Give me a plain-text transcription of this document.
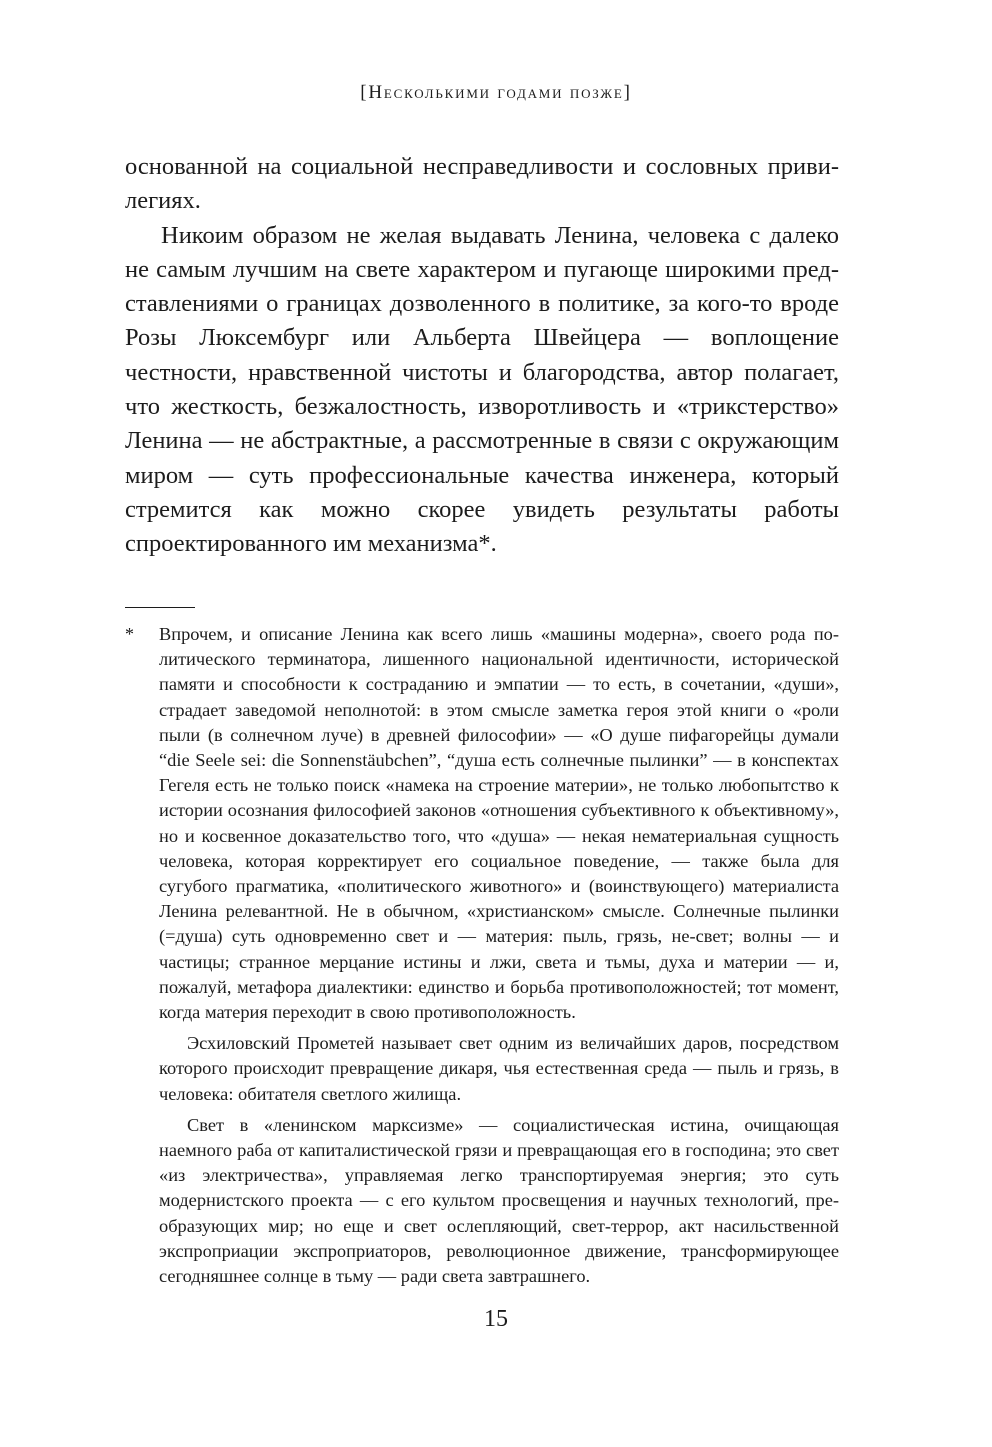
[Несколькими годами позже]

основанной на социальной несправедливости и сословных привилегиях.

Никоим образом не желая выдавать Ленина, человека с далеко не самым лучшим на свете характером и пугающе широкими представлениями о границах дозволенного в политике, за кого-то вроде Розы Люксембург или Альберта Швейцера — воплощение честности, нравственной чистоты и благородства, автор полагает, что жесткость, безжалостность, изворотливость и «трикстерство» Ленина — не абстрактные, а рассмотренные в связи с окружающим миром — суть профессиональные качества инженера, который стремится как можно скорее увидеть результаты работы спроектированного им механизма*.

* Впрочем, и описание Ленина как всего лишь «машины модерна», своего рода политического терминатора, лишенного национальной идентичности, исторической памяти и способности к состраданию и эмпатии — то есть, в сочетании, «души», страдает заведомой неполнотой: в этом смысле заметка героя этой книги о «роли пыли (в солнечном луче) в древней философии» — «О душе пифагорейцы думали “die Seele sei: die Sonnenstäubchen”, “душа есть солнечные пылинки” — в конспектах Гегеля есть не только поиск «намека на строение материи», не только любопытство к истории осознания философией законов «отношения субъективного к объективному», но и косвенное доказательство того, что «душа» — некая нематериальная сущность человека, которая корректирует его социальное поведение, — также была для сугубого прагматика, «политического животного» и (воинствующего) материалиста Ленина релевантной. Не в обычном, «христианском» смысле. Солнечные пылинки (=душа) суть одновременно свет и — материя: пыль, грязь, не-свет; волны — и частицы; странное мерцание истины и лжи, света и тьмы, духа и материи — и, пожалуй, метафора диалектики: единство и борьба противоположностей; тот момент, когда материя переходит в свою противоположность.

Эсхиловский Прометей называет свет одним из величайших даров, посредством которого происходит превращение дикаря, чья естественная среда — пыль и грязь, в человека: обитателя светлого жилища.

Свет в «ленинском марксизме» — социалистическая истина, очищающая наемного раба от капиталистической грязи и превращающая его в господина; это свет «из электричества», управляемая легко транспортируемая энергия; это суть модернистского проекта — с его культом просвещения и научных технологий, преобразующих мир; но еще и свет ослепляющий, свет-террор, акт насильственной экспроприации экспроприаторов, революционное движение, трансформирующее сегодняшнее солнце в тьму — ради света завтрашнего.

15
